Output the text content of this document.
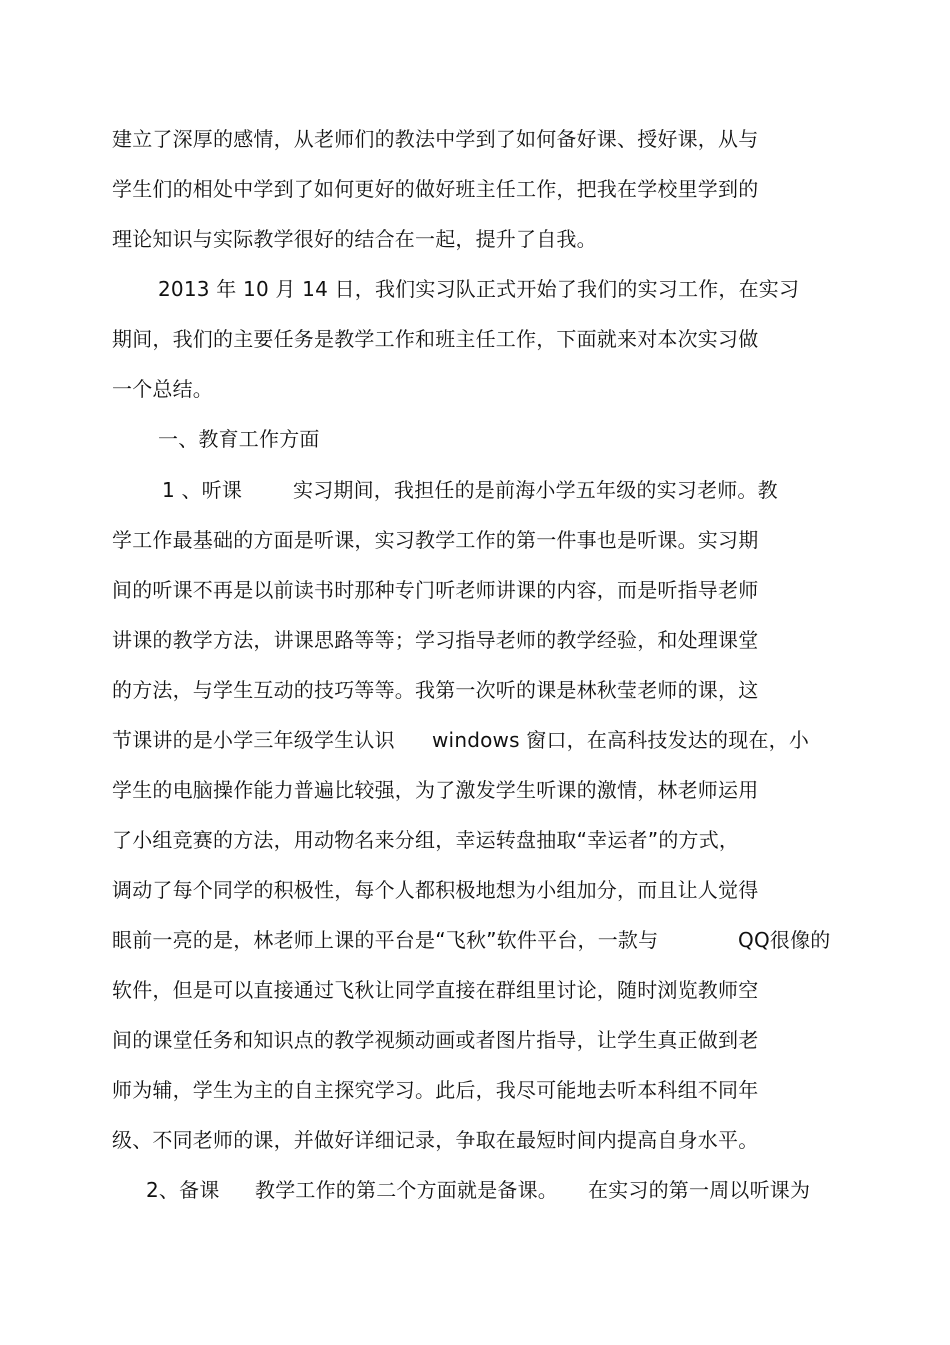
建立了深厚的感情，从老师们的教法中学到了如何备好课、授好课，从与
学生们的相处中学到了如何更好的做好班主任工作，把我在学校里学到的
理论知识与实际教学很好的结合在一起，提升了自我。
2013 年 10 月 14 日，我们实习队正式开始了我们的实习工作，在实习
期间，我们的主要任务是教学工作和班主任工作，下面就来对本次实习做
一个总结。
一、教育工作方面
1 、听课	实习期间，我担任的是前海小学五年级的实习老师。教
学工作最基础的方面是听课，实习教学工作的第一件事也是听课。实习期
间的听课不再是以前读书时那种专门听老师讲课的内容，而是听指导老师
讲课的教学方法，讲课思路等等；学习指导老师的教学经验，和处理课堂
的方法，与学生互动的技巧等等。我第一次听的课是林秋莹老师的课，这
节课讲的是小学三年级学生认识 windows 窗口，在高科技发达的现在，小
学生的电脑操作能力普遍比较强，为了激发学生听课的激情，林老师运用
了小组竞赛的方法，用动物名来分组，幸运转盘抽取“幸运者”的方式，
调动了每个同学的积极性，每个人都积极地想为小组加分，而且让人觉得
眼前一亮的是，林老师上课的平台是“飞秋”软件平台，一款与	QQ很像的
软件，但是可以直接通过飞秋让同学直接在群组里讨论，随时浏览教师空
间的课堂任务和知识点的教学视频动画或者图片指导，让学生真正做到老
师为辅，学生为主的自主探究学习。此后，我尽可能地去听本科组不同年
级、不同老师的课，并做好详细记录，争取在最短时间内提高自身水平。
2、备课 教学工作的第二个方面就是备课。 在实习的第一周以听课为
